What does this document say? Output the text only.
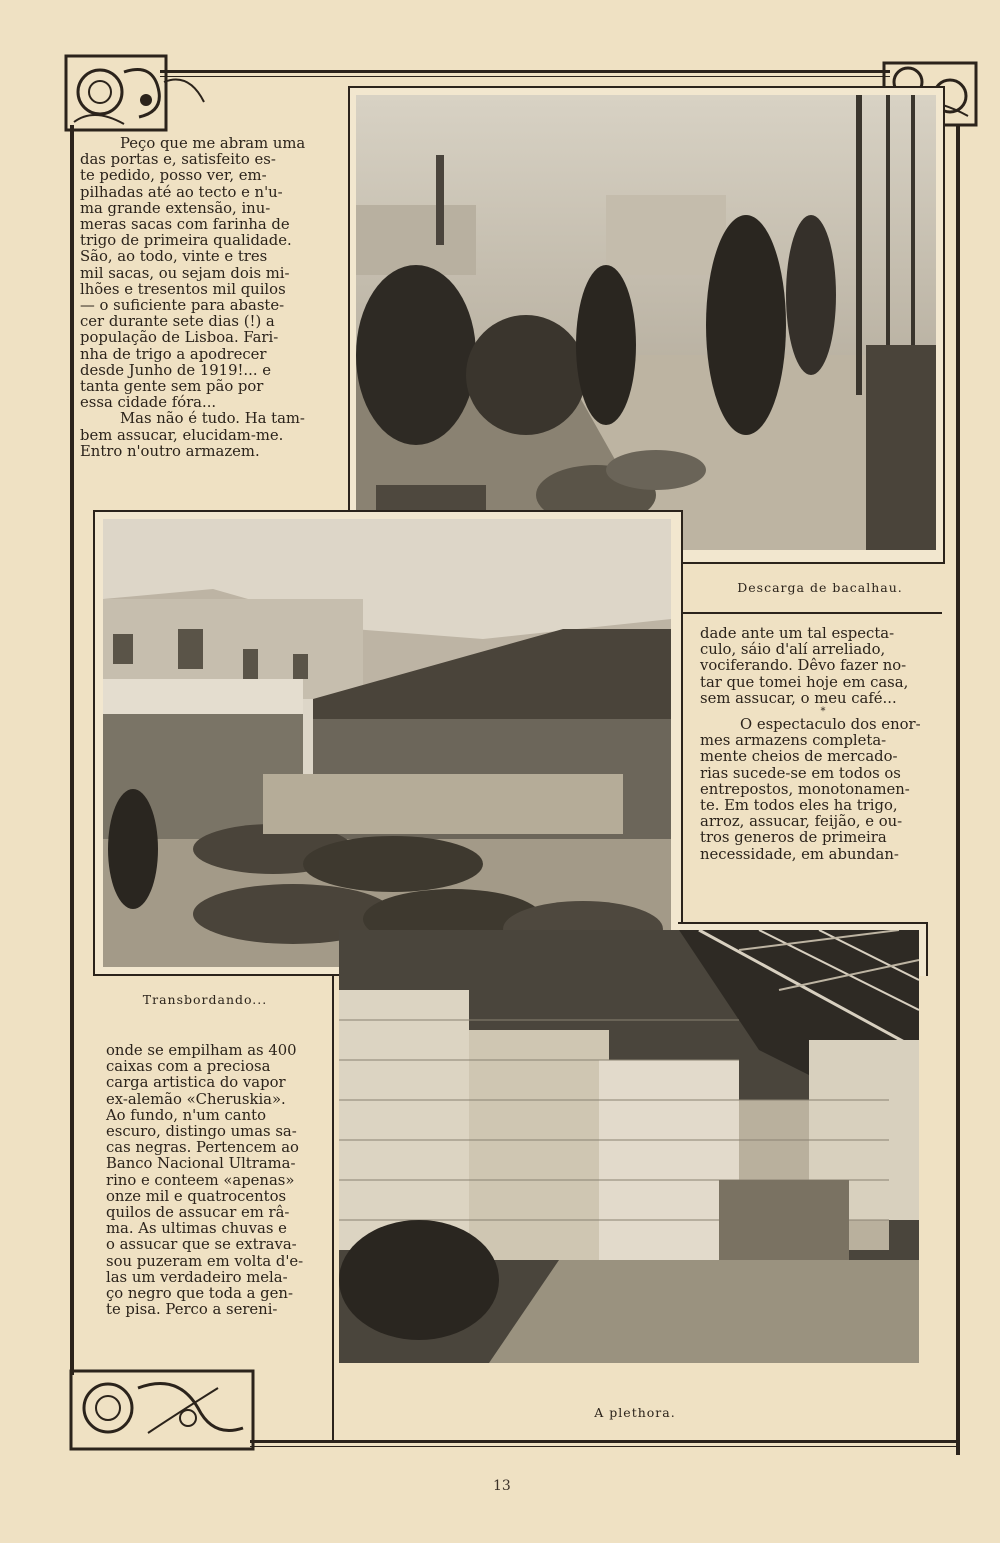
Peço que me abram uma

das portas e, satisfeito es-

te pedido, posso ver, em-

pilhadas até ao tecto e n'u-

ma grande extensão, inu-

meras sacas com farinha de

trigo de primeira qualidade.

São, ao todo, vinte e tres

mil sacas, ou sejam dois mi-

lhões e tresentos mil quilos

— o suficiente para abaste-

cer durante sete dias (!) a

população de Lisboa. Fari-

nha de trigo a apodrecer

desde Junho de 1919!... e

tanta gente sem pão por

essa cidade fóra...

Mas não é tudo. Ha tam-

bem assucar, elucidam-me.

Entro n'outro armazem.

Descarga de bacalhau.
Transbordando...

dade ante um tal especta-

culo, sáio d'alí arreliado,

vociferando. Dêvo fazer no-

tar que tomei hoje em casa,

sem assucar, o meu café...

*

O espectaculo dos enor-

mes armazens completa-

mente cheios de mercado-

rias sucede-se em todos os

entrepostos, monotonamen-

te. Em todos eles ha trigo,

arroz, assucar, feijão, e ou-

tros generos de primeira

necessidade, em abundan-

onde se empilham as 400

caixas com a preciosa

carga artistica do vapor

ex-alemão «Cheruskia».

Ao fundo, n'um canto

escuro, distingo umas sa-

cas negras. Pertencem ao

Banco Nacional Ultrama-

rino e conteem «apenas»

onze mil e quatrocentos

quilos de assucar em râ-

ma. As ultimas chuvas e

o assucar que se extrava-

sou puzeram em volta d'e-

las um verdadeiro mela-

ço negro que toda a gen-

te pisa. Perco a sereni-

A plethora.
13
